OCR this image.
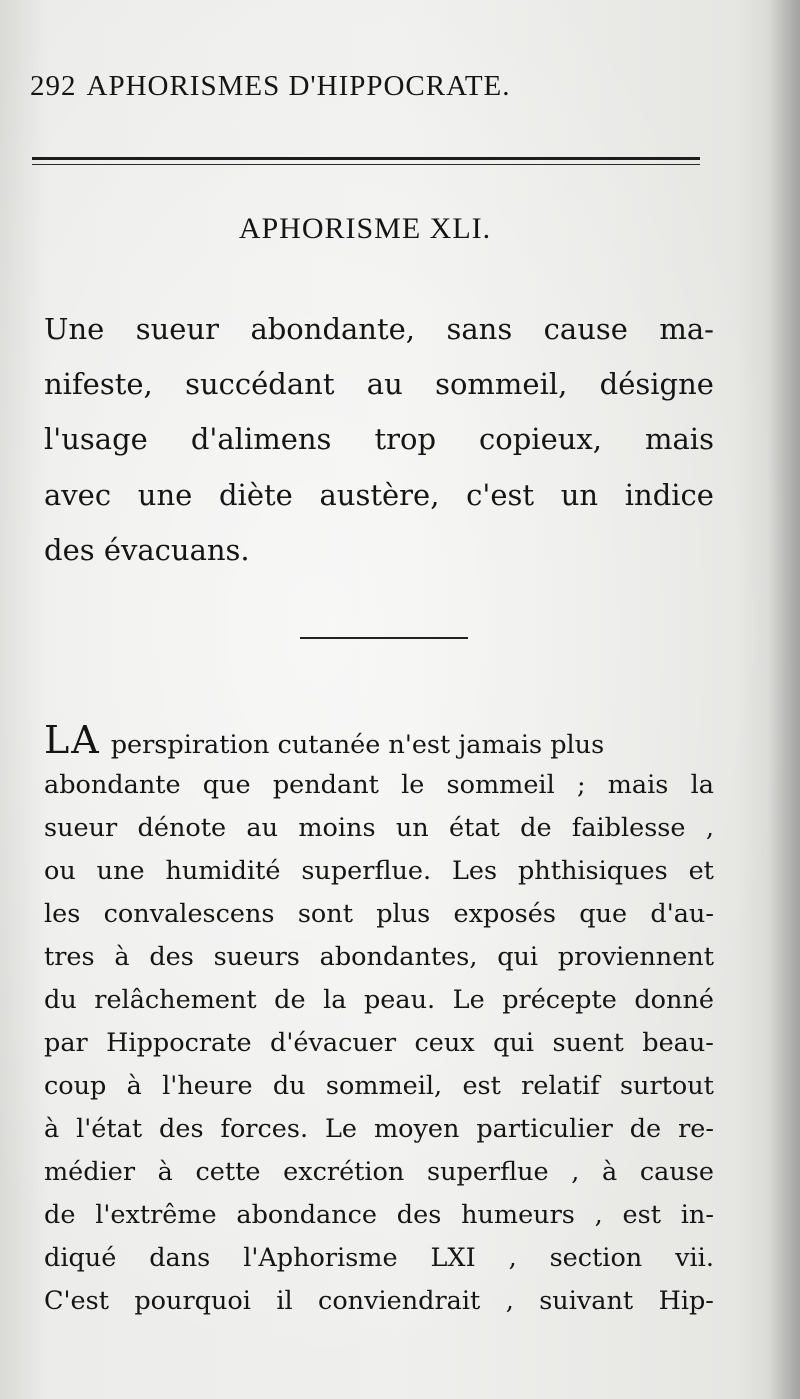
292 APHORISMES D'HIPPOCRATE.
APHORISME XLI.
Une sueur abondante, sans cause ma-
nifeste, succédant au sommeil, désigne
l'usage d'alimens trop copieux, mais
avec une diète austère, c'est un indice
des évacuans.
LA perspiration cutanée n'est jamais plus
abondante que pendant le sommeil ; mais la
sueur dénote au moins un état de faiblesse ,
ou une humidité superflue. Les phthisiques et
les convalescens sont plus exposés que d'au-
tres à des sueurs abondantes, qui proviennent
du relâchement de la peau. Le précepte donné
par Hippocrate d'évacuer ceux qui suent beau-
coup à l'heure du sommeil, est relatif surtout
à l'état des forces. Le moyen particulier de re-
médier à cette excrétion superflue , à cause
de l'extrême abondance des humeurs , est in-
diqué dans l'Aphorisme LXI , section vii.
C'est pourquoi il conviendrait , suivant Hip-
